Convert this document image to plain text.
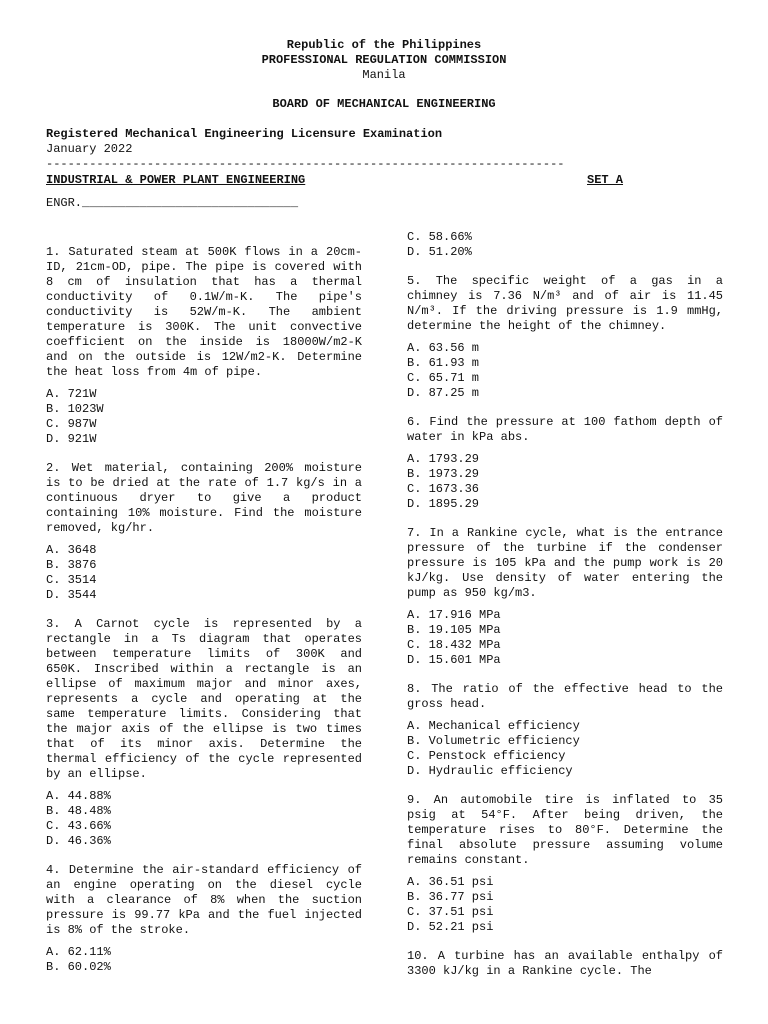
Republic of the Philippines
PROFESSIONAL REGULATION COMMISSION
Manila
BOARD OF MECHANICAL ENGINEERING
Registered Mechanical Engineering Licensure Examination
January 2022
------------------------------------------------------------------------
INDUSTRIAL & POWER PLANT ENGINEERING	SET A
ENGR.______________________________

1. Saturated steam at 500K flows in a 20cm-ID, 21cm-OD, pipe. The pipe is covered with 8 cm of insulation that has a thermal conductivity of 0.1W/m-K. The pipe's conductivity is 52W/m-K. The ambient temperature is 300K. The unit convective coefficient on the inside is 18000W/m2-K and on the outside is 12W/m2-K. Determine the heat loss from 4m of pipe.

A. 721W
B. 1023W
C. 987W
D. 921W

2. Wet material, containing 200% moisture is to be dried at the rate of 1.7 kg/s in a continuous dryer to give a product containing 10% moisture. Find the moisture removed, kg/hr.

A. 3648
B. 3876
C. 3514
D. 3544

3. A Carnot cycle is represented by a rectangle in a Ts diagram that operates between temperature limits of 300K and 650K. Inscribed within a rectangle is an ellipse of maximum major and minor axes, represents a cycle and operating at the same temperature limits. Considering that the major axis of the ellipse is two times that of its minor axis. Determine the thermal efficiency of the cycle represented by an ellipse.

A. 44.88%
B. 48.48%
C. 43.66%
D. 46.36%

4. Determine the air-standard efficiency of an engine operating on the diesel cycle with a clearance of 8% when the suction pressure is 99.77 kPa and the fuel injected is 8% of the stroke.

A. 62.11%
B. 60.02%
C. 58.66%
D. 51.20%

5. The specific weight of a gas in a chimney is 7.36 N/m³ and of air is 11.45 N/m³. If the driving pressure is 1.9 mmHg, determine the height of the chimney.

A. 63.56 m
B. 61.93 m
C. 65.71 m
D. 87.25 m

6. Find the pressure at 100 fathom depth of water in kPa abs.

A. 1793.29
B. 1973.29
C. 1673.36
D. 1895.29

7. In a Rankine cycle, what is the entrance pressure of the turbine if the condenser pressure is 105 kPa and the pump work is 20 kJ/kg. Use density of water entering the pump as 950 kg/m3.

A. 17.916 MPa
B. 19.105 MPa
C. 18.432 MPa
D. 15.601 MPa

8. The ratio of the effective head to the gross head.

A. Mechanical efficiency
B. Volumetric efficiency
C. Penstock efficiency
D. Hydraulic efficiency

9. An automobile tire is inflated to 35 psig at 54°F. After being driven, the temperature rises to 80°F. Determine the final absolute pressure assuming volume remains constant.

A. 36.51 psi
B. 36.77 psi
C. 37.51 psi
D. 52.21 psi

10. A turbine has an available enthalpy of 3300 kJ/kg in a Rankine cycle. The
